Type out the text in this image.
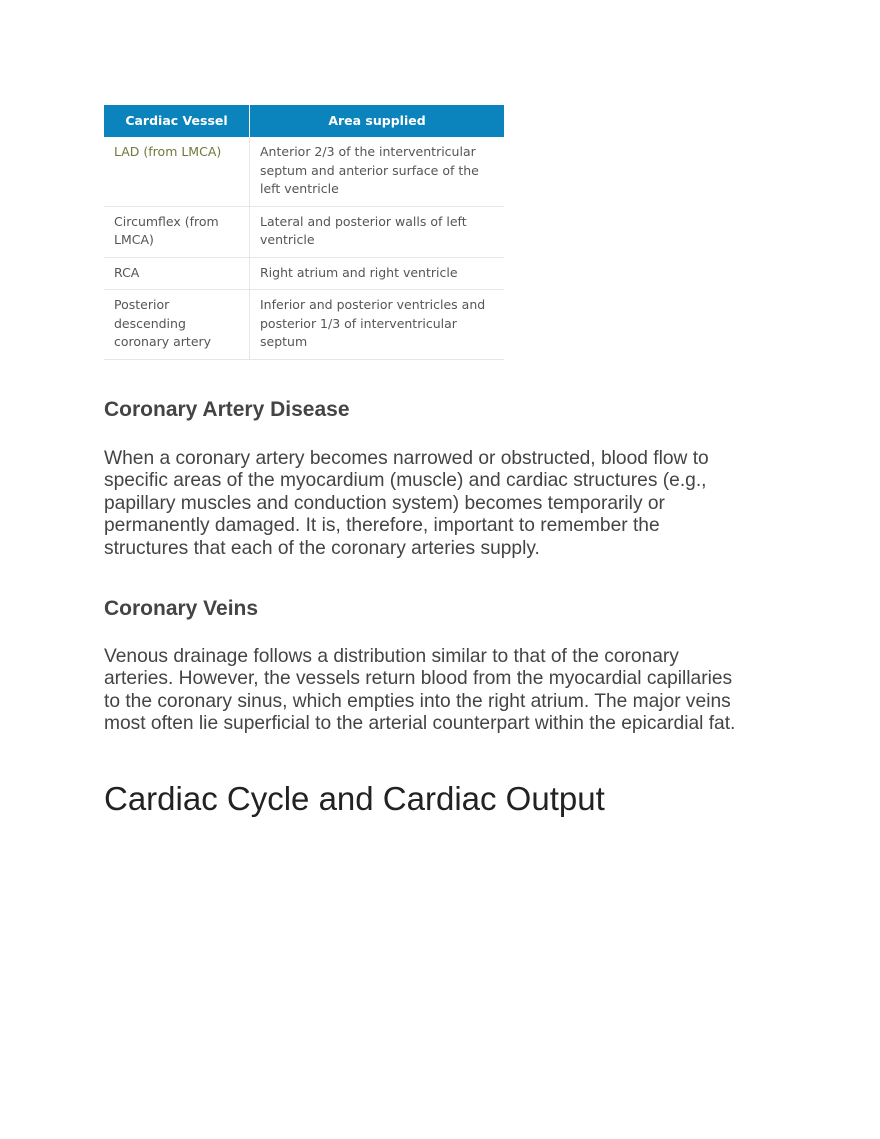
Cardiac Vessel	Area supplied
LAD (from LMCA)	Anterior 2/3 of the interventricular septum and anterior surface of the left ventricle
Circumflex (from LMCA)	Lateral and posterior walls of left ventricle
RCA	Right atrium and right ventricle
Posterior descending coronary artery	Inferior and posterior ventricles and posterior 1/3 of interventricular septum
Coronary Artery Disease

When a coronary artery becomes narrowed or obstructed, blood flow to specific areas of the myocardium (muscle) and cardiac structures (e.g., papillary muscles and conduction system) becomes temporarily or permanently damaged. It is, therefore, important to remember the structures that each of the coronary arteries supply.

Coronary Veins

Venous drainage follows a distribution similar to that of the coronary arteries. However, the vessels return blood from the myocardial capillaries to the coronary sinus, which empties into the right atrium. The major veins most often lie superficial to the arterial counterpart within the epicardial fat.

Cardiac Cycle and Cardiac Output
